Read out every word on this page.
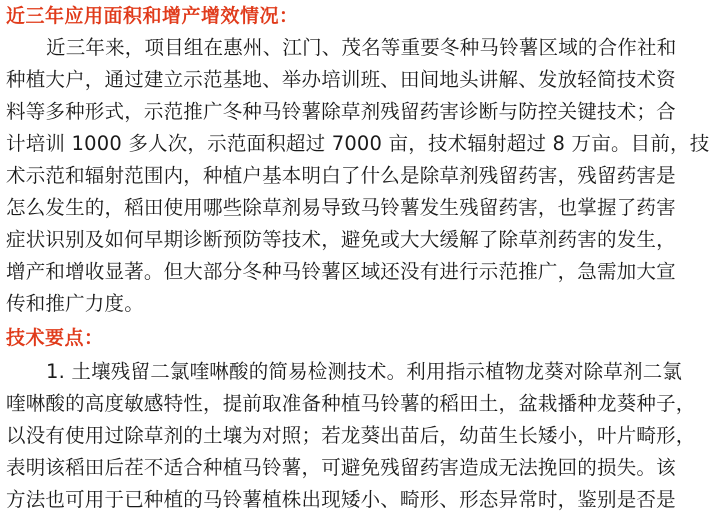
近三年应用面积和增产增效情况：
近三年来，项目组在惠州、江门、茂名等重要冬种马铃薯区域的合作社和
种植大户，通过建立示范基地、举办培训班、田间地头讲解、发放轻简技术资
料等多种形式，示范推广冬种马铃薯除草剂残留药害诊断与防控关键技术；合
计培训 1000 多人次，示范面积超过 7000 亩，技术辐射超过 8 万亩。目前，技
术示范和辐射范围内，种植户基本明白了什么是除草剂残留药害，残留药害是
怎么发生的，稻田使用哪些除草剂易导致马铃薯发生残留药害，也掌握了药害
症状识别及如何早期诊断预防等技术，避免或大大缓解了除草剂药害的发生，
增产和增收显著。但大部分冬种马铃薯区域还没有进行示范推广，急需加大宣
传和推广力度。
技术要点：
1. 土壤残留二氯喹啉酸的简易检测技术。利用指示植物龙葵对除草剂二氯
喹啉酸的高度敏感特性，提前取准备种植马铃薯的稻田土，盆栽播种龙葵种子，
以没有使用过除草剂的土壤为对照；若龙葵出苗后，幼苗生长矮小，叶片畸形，
表明该稻田后茬不适合种植马铃薯，可避免残留药害造成无法挽回的损失。该
方法也可用于已种植的马铃薯植株出现矮小、畸形、形态异常时，鉴别是否是
